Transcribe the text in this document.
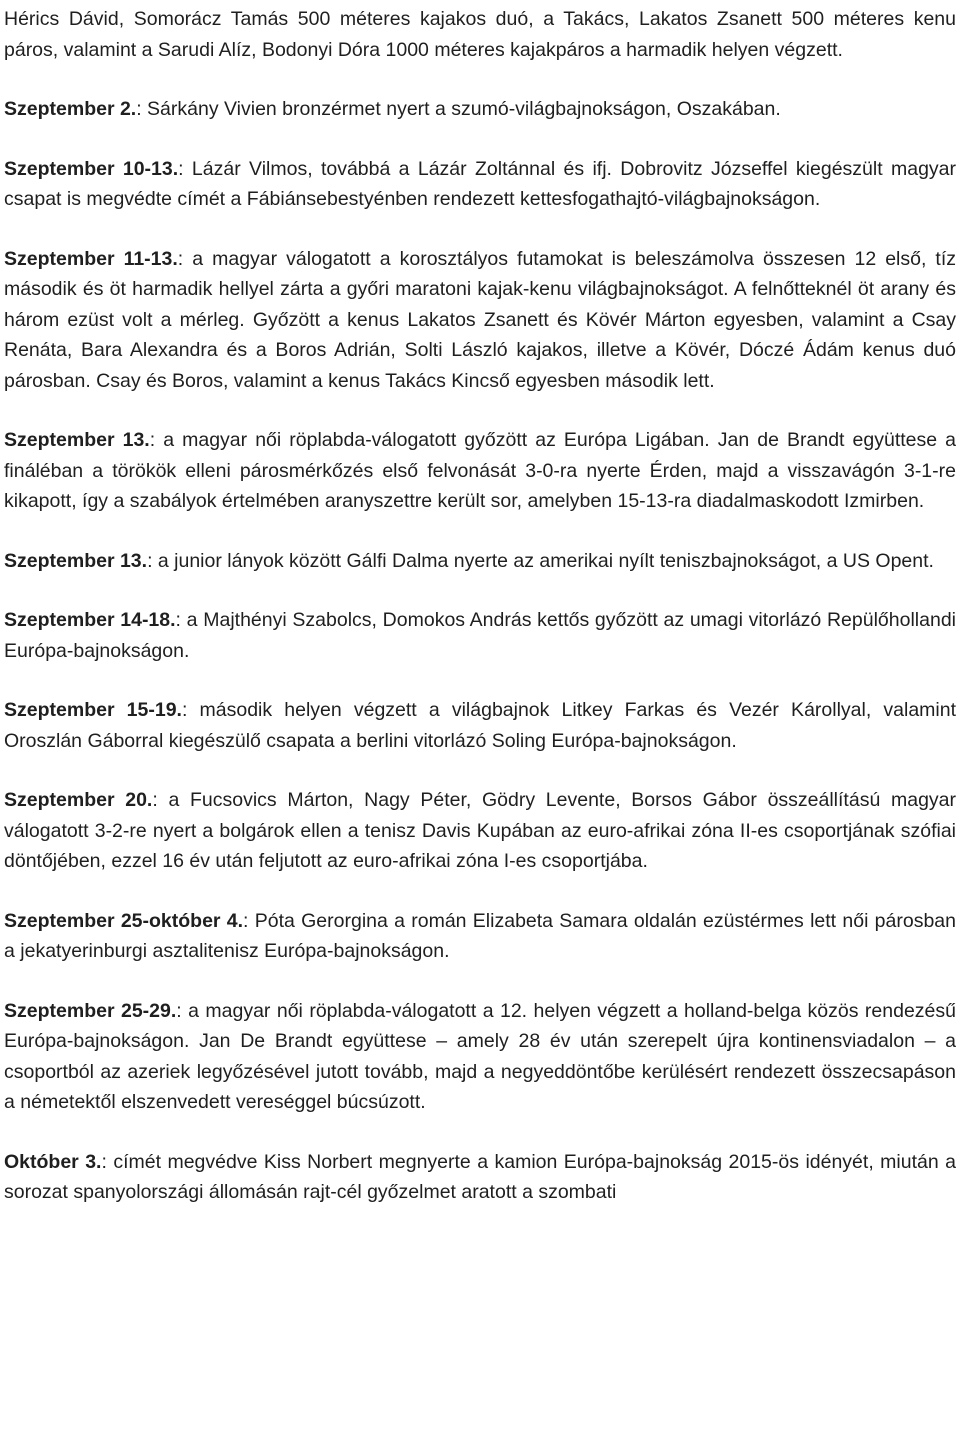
Hérics Dávid, Somorácz Tamás 500 méteres kajakos duó, a Takács, Lakatos Zsanett 500 méteres kenu páros, valamint a Sarudi Alíz, Bodonyi Dóra 1000 méteres kajakpáros a harmadik helyen végzett.

Szeptember 2.: Sárkány Vivien bronzérmet nyert a szumó-világbajnokságon, Oszakában.

Szeptember 10-13.: Lázár Vilmos, továbbá a Lázár Zoltánnal és ifj. Dobrovitz Józseffel kiegészült magyar csapat is megvédte címét a Fábiánsebestyénben rendezett kettesfogathajtó-világbajnokságon.

Szeptember 11-13.: a magyar válogatott a korosztályos futamokat is beleszámolva összesen 12 első, tíz második és öt harmadik hellyel zárta a győri maratoni kajak-kenu világbajnokságot. A felnőtteknél öt arany és három ezüst volt a mérleg. Győzött a kenus Lakatos Zsanett és Kövér Márton egyesben, valamint a Csay Renáta, Bara Alexandra és a Boros Adrián, Solti László kajakos, illetve a Kövér, Dóczé Ádám kenus duó párosban. Csay és Boros, valamint a kenus Takács Kincső egyesben második lett.

Szeptember 13.: a magyar női röplabda-válogatott győzött az Európa Ligában. Jan de Brandt együttese a fináléban a törökök elleni párosmérkőzés első felvonását 3-0-ra nyerte Érden, majd a visszavágón 3-1-re kikapott, így a szabályok értelmében aranyszettre került sor, amelyben 15-13-ra diadalmaskodott Izmirben.

Szeptember 13.: a junior lányok között Gálfi Dalma nyerte az amerikai nyílt teniszbajnokságot, a US Opent.

Szeptember 14-18.: a Majthényi Szabolcs, Domokos András kettős győzött az umagi vitorlázó Repülőhollandi Európa-bajnokságon.

Szeptember 15-19.: második helyen végzett a világbajnok Litkey Farkas és Vezér Károllyal, valamint Oroszlán Gáborral kiegészülő csapata a berlini vitorlázó Soling Európa-bajnokságon.

Szeptember 20.: a Fucsovics Márton, Nagy Péter, Gödry Levente, Borsos Gábor összeállítású magyar válogatott 3-2-re nyert a bolgárok ellen a tenisz Davis Kupában az euro-afrikai zóna II-es csoportjának szófiai döntőjében, ezzel 16 év után feljutott az euro-afrikai zóna I-es csoportjába.

Szeptember 25-október 4.: Póta Gerorgina a román Elizabeta Samara oldalán ezüstérmes lett női párosban a jekatyerinburgi asztalitenisz Európa-bajnokságon.

Szeptember 25-29.: a magyar női röplabda-válogatott a 12. helyen végzett a holland-belga közös rendezésű Európa-bajnokságon. Jan De Brandt együttese – amely 28 év után szerepelt újra kontinensviadalon – a csoportból az azeriek legyőzésével jutott tovább, majd a negyeddöntőbe kerülésért rendezett összecsapáson a németektől elszenvedett vereséggel búcsúzott.

Október 3.: címét megvédve Kiss Norbert megnyerte a kamion Európa-bajnokság 2015-ös idényét, miután a sorozat spanyolországi állomásán rajt-cél győzelmet aratott a szombati
